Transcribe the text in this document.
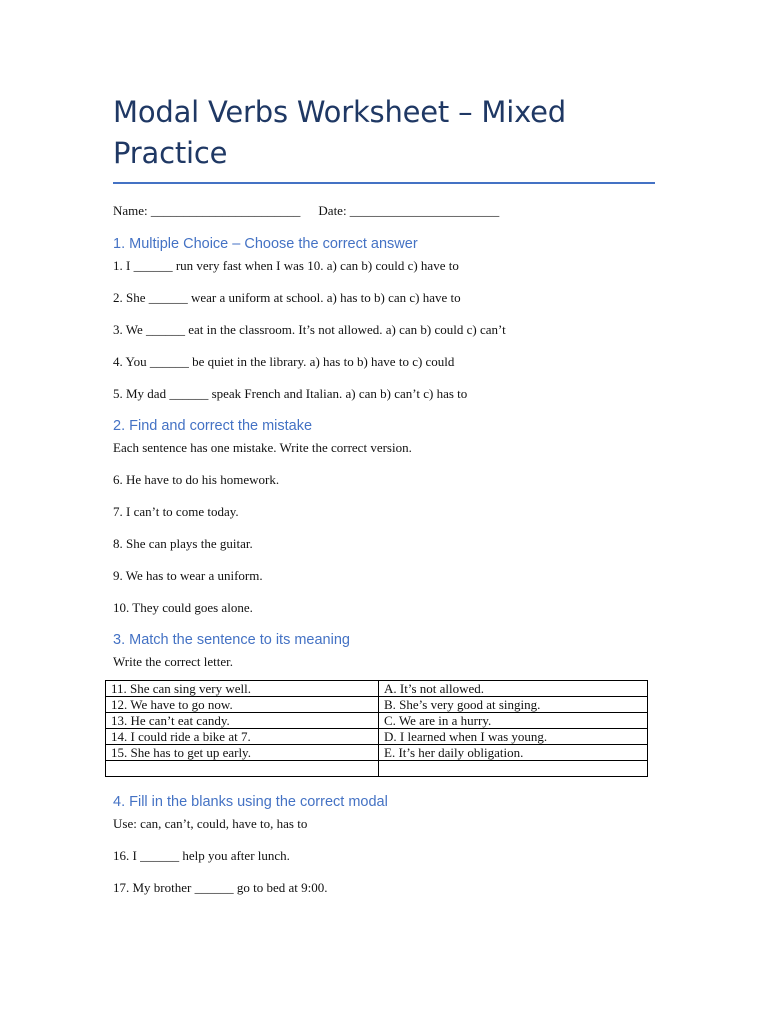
Modal Verbs Worksheet – Mixed Practice
Name: _______________________ Date: _______________________
1. Multiple Choice – Choose the correct answer

1. I ______ run very fast when I was 10. a) can b) could c) have to

2. She ______ wear a uniform at school. a) has to b) can c) have to

3. We ______ eat in the classroom. It’s not allowed. a) can b) could c) can’t

4. You ______ be quiet in the library. a) has to b) have to c) could

5. My dad ______ speak French and Italian. a) can b) can’t c) has to

2. Find and correct the mistake

Each sentence has one mistake. Write the correct version.

6. He have to do his homework.

7. I can’t to come today.

8. She can plays the guitar.

9. We has to wear a uniform.

10. They could goes alone.

3. Match the sentence to its meaning

Write the correct letter.

11. She can sing very well.	A. It’s not allowed.
12. We have to go now.	B. She’s very good at singing.
13. He can’t eat candy.	C. We are in a hurry.
14. I could ride a bike at 7.	D. I learned when I was young.
15. She has to get up early.	E. It’s her daily obligation.

4. Fill in the blanks using the correct modal

Use: can, can’t, could, have to, has to

16. I ______ help you after lunch.

17. My brother ______ go to bed at 9:00.
